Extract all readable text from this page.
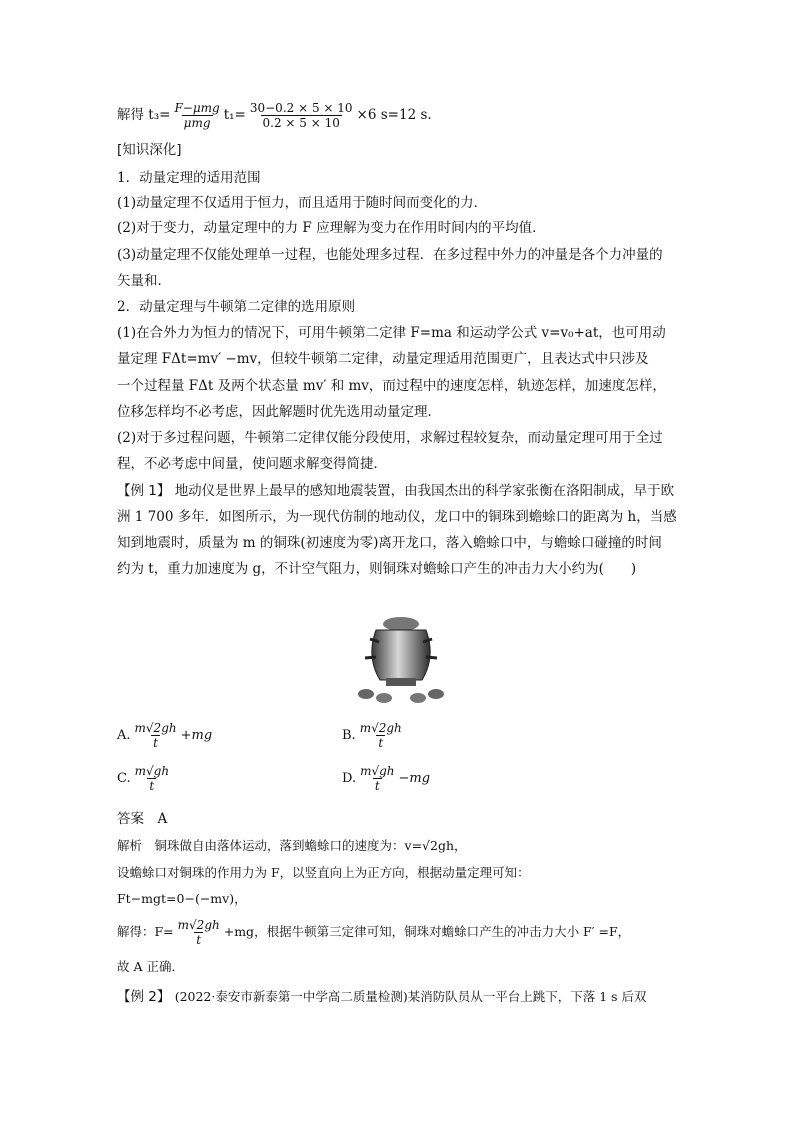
解得 $t_3= \frac{\text{F−μmg}}{\text{μmg}} t_1= \frac{30-0.2 \times 5 \times 10}{0.2 \times 5 \times 10} \times 6$ s=12 s.
[知识深化]
1．动量定理的适用范围
(1)动量定理不仅适用于恒力，而且适用于随时间而变化的力．
(2)对于变力，动量定理中的力 F 应理解为变力在作用时间内的平均值．
(3)动量定理不仅能处理单一过程，也能处理多过程．在多过程中外力的冲量是各个力冲量的
矢量和．
2．动量定理与牛顿第二定律的选用原则
(1)在合外力为恒力的情况下，可用牛顿第二定律 F=ma 和运动学公式 v=v₀+at，也可用动
量定理 FΔt=mv′ −mv，但较牛顿第二定律，动量定理适用范围更广，且表达式中只涉及
一个过程量 FΔt 及两个状态量 mv′ 和 mv，而过程中的速度怎样，轨迹怎样，加速度怎样，
位移怎样均不必考虑，因此解题时优先选用动量定理．
(2)对于多过程问题，牛顿第二定律仅能分段使用，求解过程较复杂，而动量定理可用于全过
程，不必考虑中间量，使问题求解变得简捷．
【例 1】 地动仪是世界上最早的感知地震装置，由我国杰出的科学家张衡在洛阳制成，早于欧
洲 1 700 多年．如图所示，为一现代仿制的地动仪，龙口中的铜珠到蟾蜍口的距离为 h，当感
知到地震时，质量为 m 的铜珠(初速度为零)离开龙口，落入蟾蜍口中，与蟾蜍口碰撞的时间
约为 t，重力加速度为 g，不计空气阻力，则铜珠对蟾蜍口产生的冲击力大小约为(　　)
A. $\frac{m√2gh}{t} +mg$	B. $\frac{m√2gh}{t}$
C. $\frac{m√gh}{t}$	D. $\frac{m√gh}{t} -mg$
答案　A
解析　铜珠做自由落体运动，落到蟾蜍口的速度为：v=√2gh，
设蟾蜍口对铜珠的作用力为 F，以竖直向上为正方向，根据动量定理可知：
Ft−mgt=0−(−mv)，
解得：$F= \frac{m√2gh}{t} +mg$，根据牛顿第三定律可知，铜珠对蟾蜍口产生的冲击力大小 F′ =F，
故 A 正确．
【例 2】 (2022·泰安市新泰第一中学高二质量检测)某消防队员从一平台上跳下，下落 1 s 后双
